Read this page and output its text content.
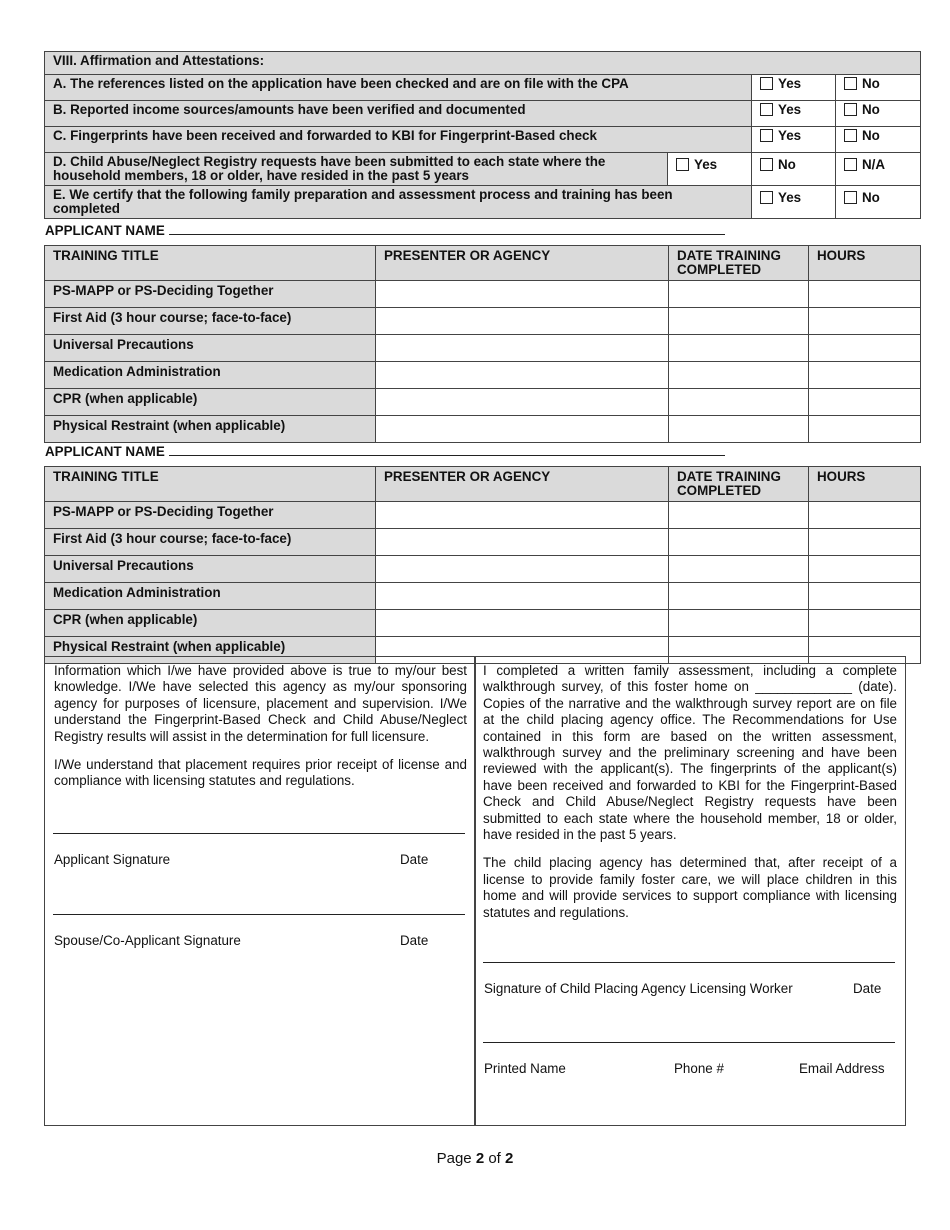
VIII. Affirmation and Attestations:			
A. The references listed on the application have been checked and are on file with the CPA		Yes	No
B. Reported income sources/amounts have been verified and documented		Yes	No
C. Fingerprints have been received and forwarded to KBI for Fingerprint-Based check		Yes	No
D. Child Abuse/Neglect Registry requests have been submitted to each state where the household members, 18 or older, have resided in the past 5 years	Yes	No	N/A
E. We certify that the following family preparation and assessment process and training has been completed		Yes	No
APPLICANT NAME
TRAINING TITLE	PRESENTER OR AGENCY	DATE TRAINING COMPLETED	HOURS
PS-MAPP or PS-Deciding Together			
First Aid (3 hour course; face-to-face)			
Universal Precautions			
Medication Administration			
CPR (when applicable)			
Physical Restraint (when applicable)			
APPLICANT NAME
TRAINING TITLE	PRESENTER OR AGENCY	DATE TRAINING COMPLETED	HOURS
PS-MAPP or PS-Deciding Together			
First Aid (3 hour course; face-to-face)			
Universal Precautions			
Medication Administration			
CPR (when applicable)			
Physical Restraint (when applicable)			

Information which I/we have provided above is true to my/our best knowledge. I/We have selected this agency as my/our sponsoring agency for purposes of licensure, placement and supervision. I/We understand the Fingerprint-Based Check and Child Abuse/Neglect Registry results will assist in the determination for full licensure.

I/We understand that placement requires prior receipt of license and compliance with licensing statutes and regulations.

Applicant Signature	Date
Spouse/Co-Applicant Signature	Date

I completed a written family assessment, including a complete walkthrough survey, of this foster home on _____________ (date). Copies of the narrative and the walkthrough survey report are on file at the child placing agency office. The Recommendations for Use contained in this form are based on the written assessment, walkthrough survey and the preliminary screening and have been reviewed with the applicant(s). The fingerprints of the applicant(s) have been received and forwarded to KBI for the Fingerprint-Based Check and Child Abuse/Neglect Registry requests have been submitted to each state where the household member, 18 or older, have resided in the past 5 years.

The child placing agency has determined that, after receipt of a license to provide family foster care, we will place children in this home and will provide services to support compliance with licensing statutes and regulations.

Signature of Child Placing Agency Licensing Worker	Date
Printed Name	Phone #	Email Address
Page 2 of 2
